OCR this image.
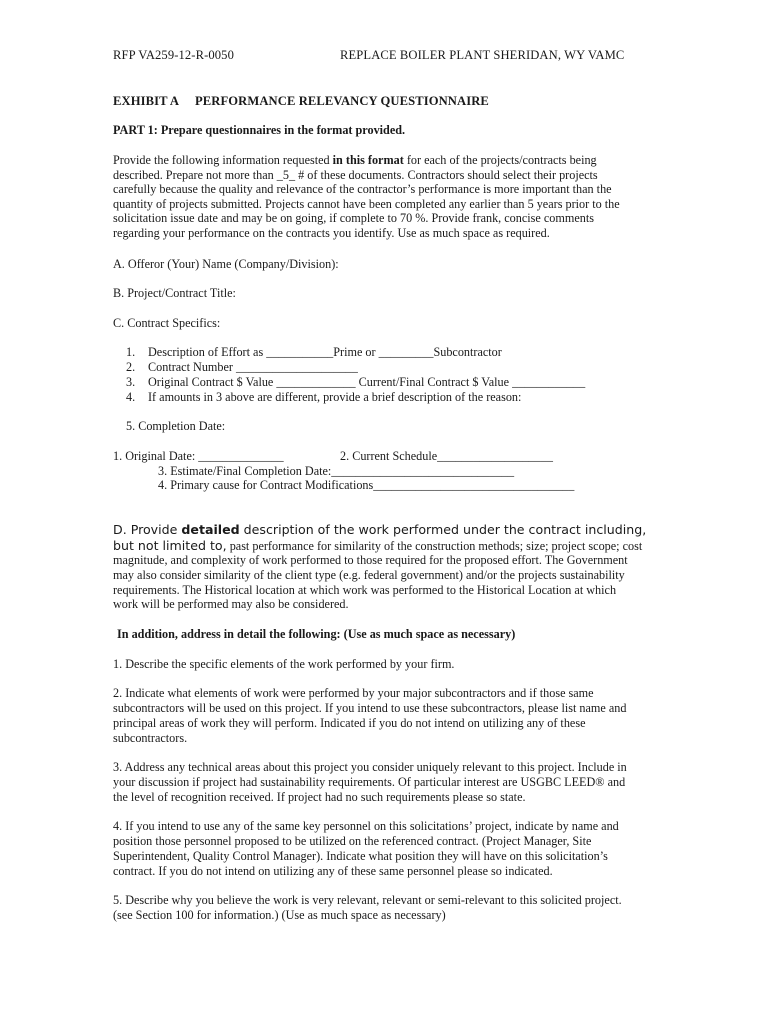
RFP VA259-12-R-0050	REPLACE BOILER PLANT SHERIDAN, WY VAMC
EXHIBIT A PERFORMANCE RELEVANCY QUESTIONNAIRE
PART 1: Prepare questionnaires in the format provided.
Provide the following information requested in this format for each of the projects/contracts being
described. Prepare not more than _5_ # of these documents. Contractors should select their projects
carefully because the quality and relevance of the contractor’s performance is more important than the
quantity of projects submitted. Projects cannot have been completed any earlier than 5 years prior to the
solicitation issue date and may be on going, if complete to 70 %. Provide frank, concise comments
regarding your performance on the contracts you identify. Use as much space as required.
A. Offeror (Your) Name (Company/Division):
B. Project/Contract Title:
C. Contract Specifics:
1. Description of Effort as ___________Prime or _________Subcontractor
2. Contract Number ____________________
3. Original Contract $ Value _____________ Current/Final Contract $ Value ____________
4. If amounts in 3 above are different, provide a brief description of the reason:
5. Completion Date:
1. Original Date: ______________	2. Current Schedule___________________
3. Estimate/Final Completion Date:______________________________
4. Primary cause for Contract Modifications_________________________________
D. Provide detailed description of the work performed under the contract including,
but not limited to, past performance for similarity of the construction methods; size; project scope; cost
magnitude, and complexity of work performed to those required for the proposed effort. The Government
may also consider similarity of the client type (e.g. federal government) and/or the projects sustainability
requirements. The Historical location at which work was performed to the Historical Location at which
work will be performed may also be considered.
In addition, address in detail the following: (Use as much space as necessary)
1. Describe the specific elements of the work performed by your firm.
2. Indicate what elements of work were performed by your major subcontractors and if those same
subcontractors will be used on this project. If you intend to use these subcontractors, please list name and
principal areas of work they will perform. Indicated if you do not intend on utilizing any of these
subcontractors.
3. Address any technical areas about this project you consider uniquely relevant to this project. Include in
your discussion if project had sustainability requirements. Of particular interest are USGBC LEED® and
the level of recognition received. If project had no such requirements please so state.
4. If you intend to use any of the same key personnel on this solicitations’ project, indicate by name and
position those personnel proposed to be utilized on the referenced contract. (Project Manager, Site
Superintendent, Quality Control Manager). Indicate what position they will have on this solicitation’s
contract. If you do not intend on utilizing any of these same personnel please so indicated.
5. Describe why you believe the work is very relevant, relevant or semi-relevant to this solicited project.
(see Section 100 for information.) (Use as much space as necessary)
